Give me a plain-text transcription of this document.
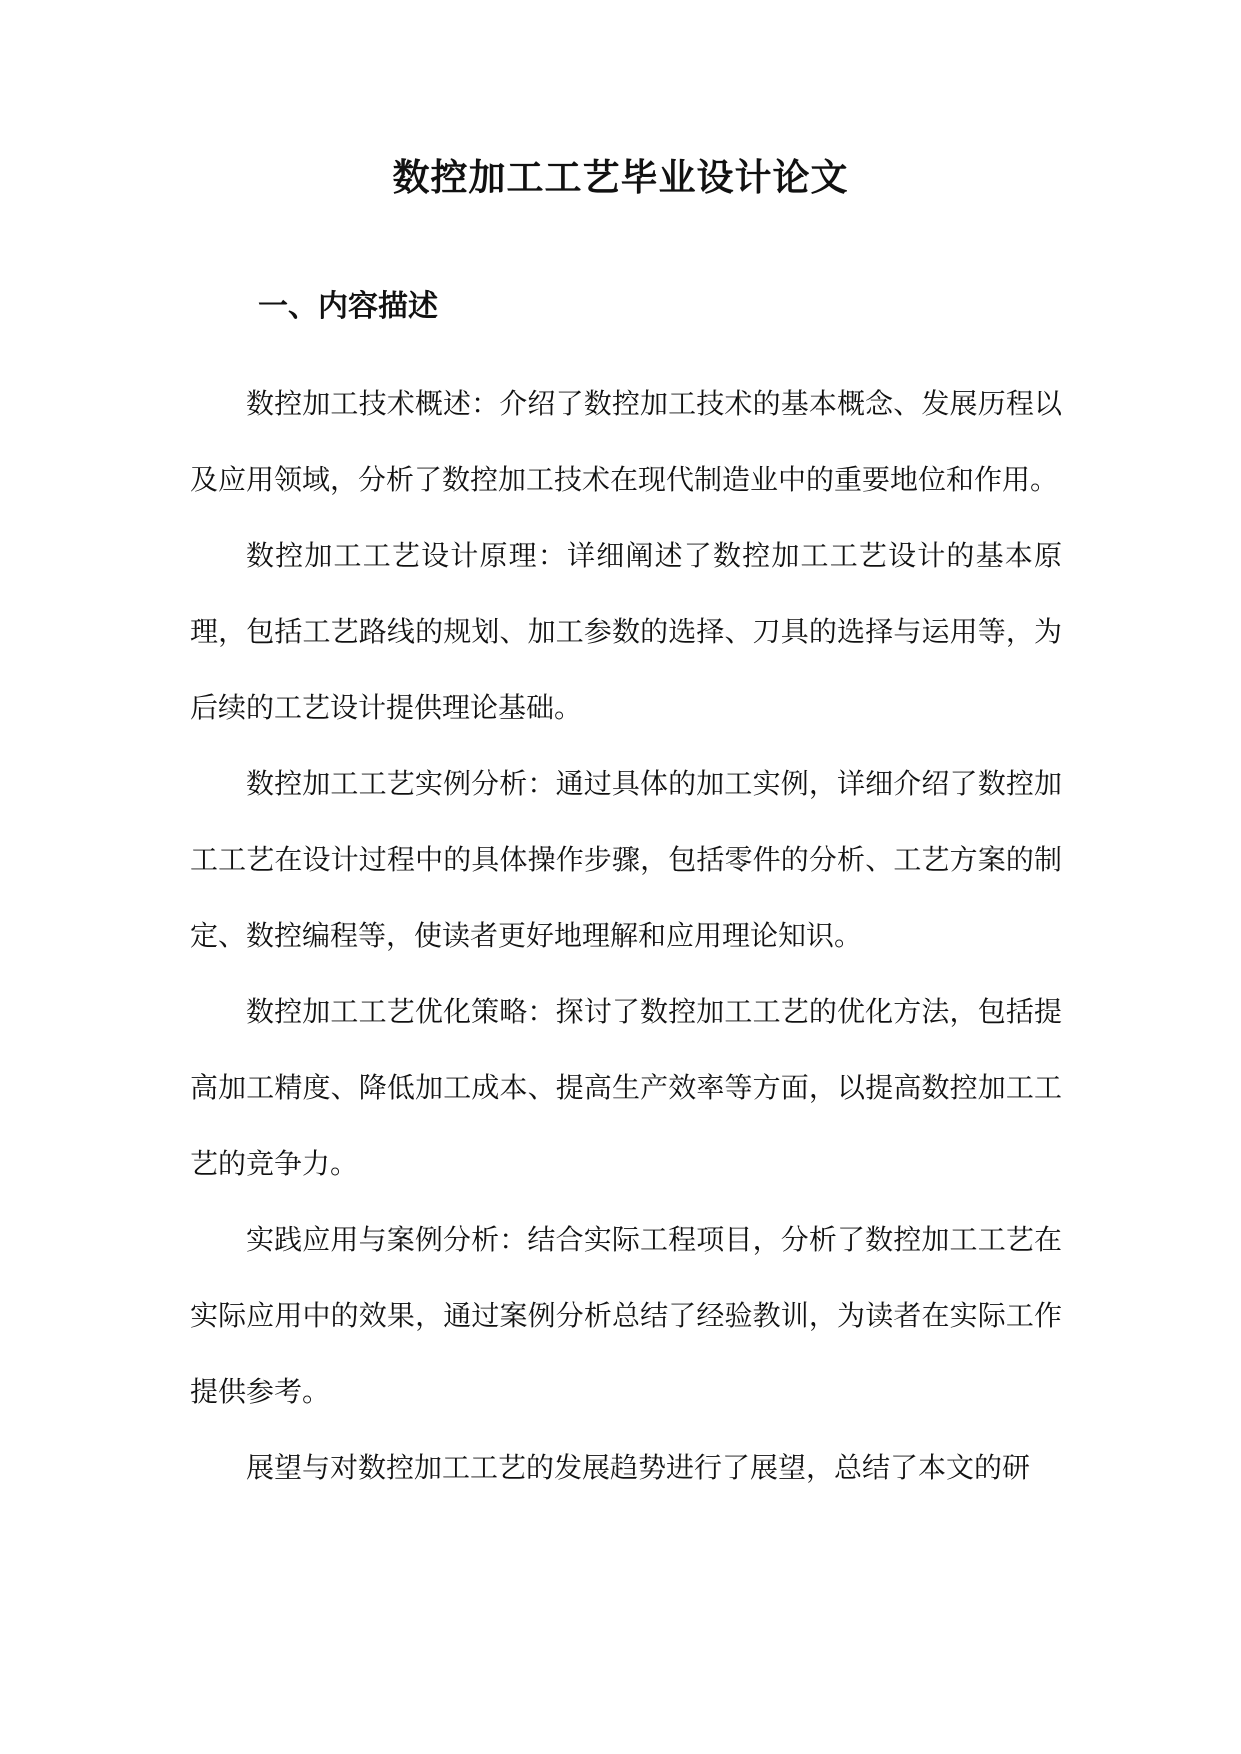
数控加工工艺毕业设计论文
一、内容描述

数控加工技术概述：介绍了数控加工技术的基本概念、发展历程以及应用领域，分析了数控加工技术在现代制造业中的重要地位和作用。

数控加工工艺设计原理：详细阐述了数控加工工艺设计的基本原理，包括工艺路线的规划、加工参数的选择、刀具的选择与运用等，为后续的工艺设计提供理论基础。

数控加工工艺实例分析：通过具体的加工实例，详细介绍了数控加工工艺在设计过程中的具体操作步骤，包括零件的分析、工艺方案的制定、数控编程等，使读者更好地理解和应用理论知识。

数控加工工艺优化策略：探讨了数控加工工艺的优化方法，包括提高加工精度、降低加工成本、提高生产效率等方面，以提高数控加工工艺的竞争力。

实践应用与案例分析：结合实际工程项目，分析了数控加工工艺在实际应用中的效果，通过案例分析总结了经验教训，为读者在实际工作提供参考。

展望与对数控加工工艺的发展趋势进行了展望，总结了本文的研
